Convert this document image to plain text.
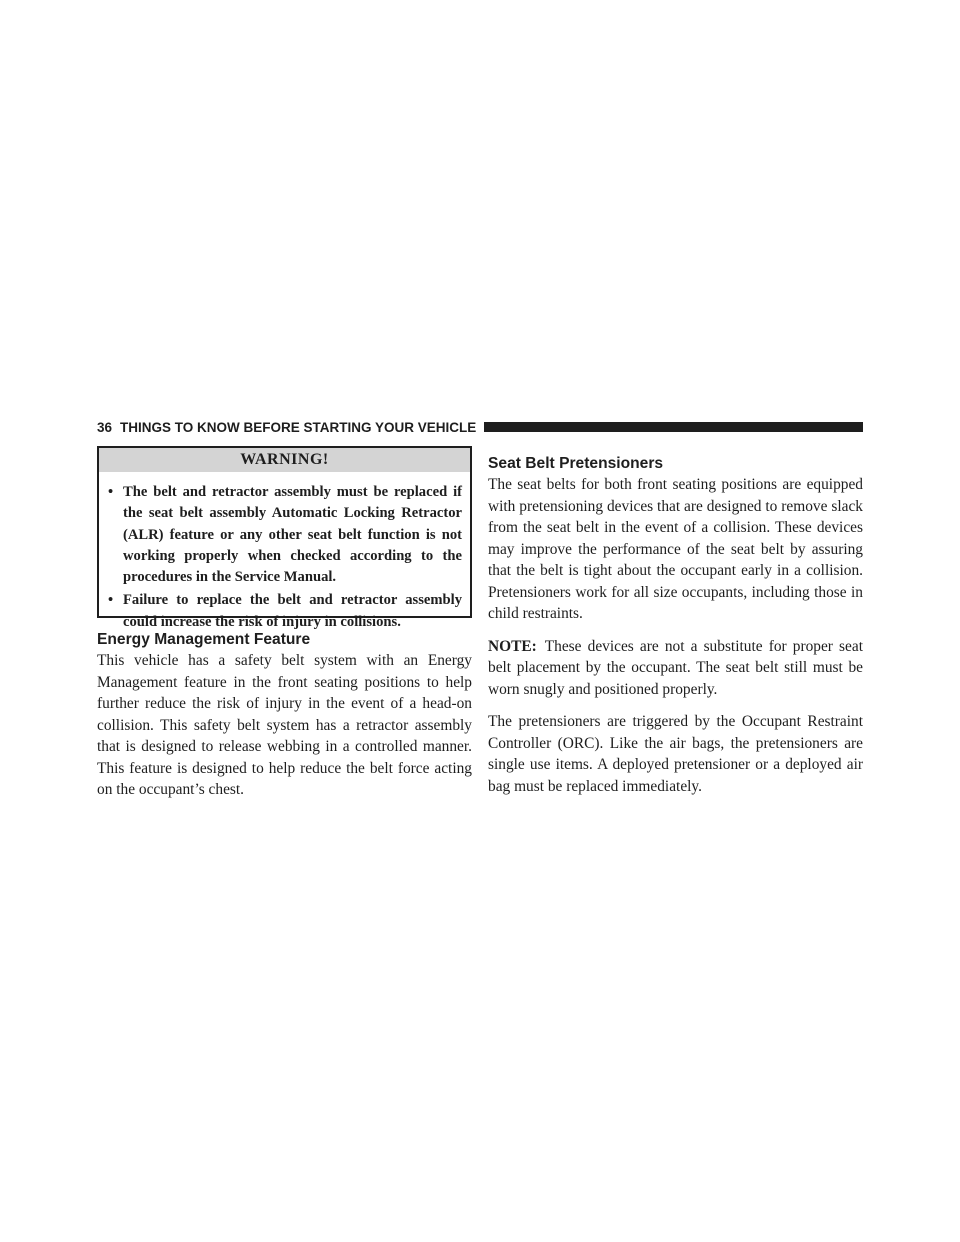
36 THINGS TO KNOW BEFORE STARTING YOUR VEHICLE
WARNING!
• The belt and retractor assembly must be replaced if the seat belt assembly Automatic Locking Retractor (ALR) feature or any other seat belt function is not working properly when checked according to the procedures in the Service Manual.
• Failure to replace the belt and retractor assembly could increase the risk of injury in collisions.
Energy Management Feature

This vehicle has a safety belt system with an Energy Management feature in the front seating positions to help further reduce the risk of injury in the event of a head-on collision. This safety belt system has a retractor assembly that is designed to release webbing in a controlled manner. This feature is designed to help reduce the belt force acting on the occupant’s chest.

Seat Belt Pretensioners

The seat belts for both front seating positions are equipped with pretensioning devices that are designed to remove slack from the seat belt in the event of a collision. These devices may improve the performance of the seat belt by assuring that the belt is tight about the occupant early in a collision. Pretensioners work for all size occupants, including those in child restraints.

NOTE: These devices are not a substitute for proper seat belt placement by the occupant. The seat belt still must be worn snugly and positioned properly.

The pretensioners are triggered by the Occupant Restraint Controller (ORC). Like the air bags, the pretensioners are single use items. A deployed pretensioner or a deployed air bag must be replaced immediately.
